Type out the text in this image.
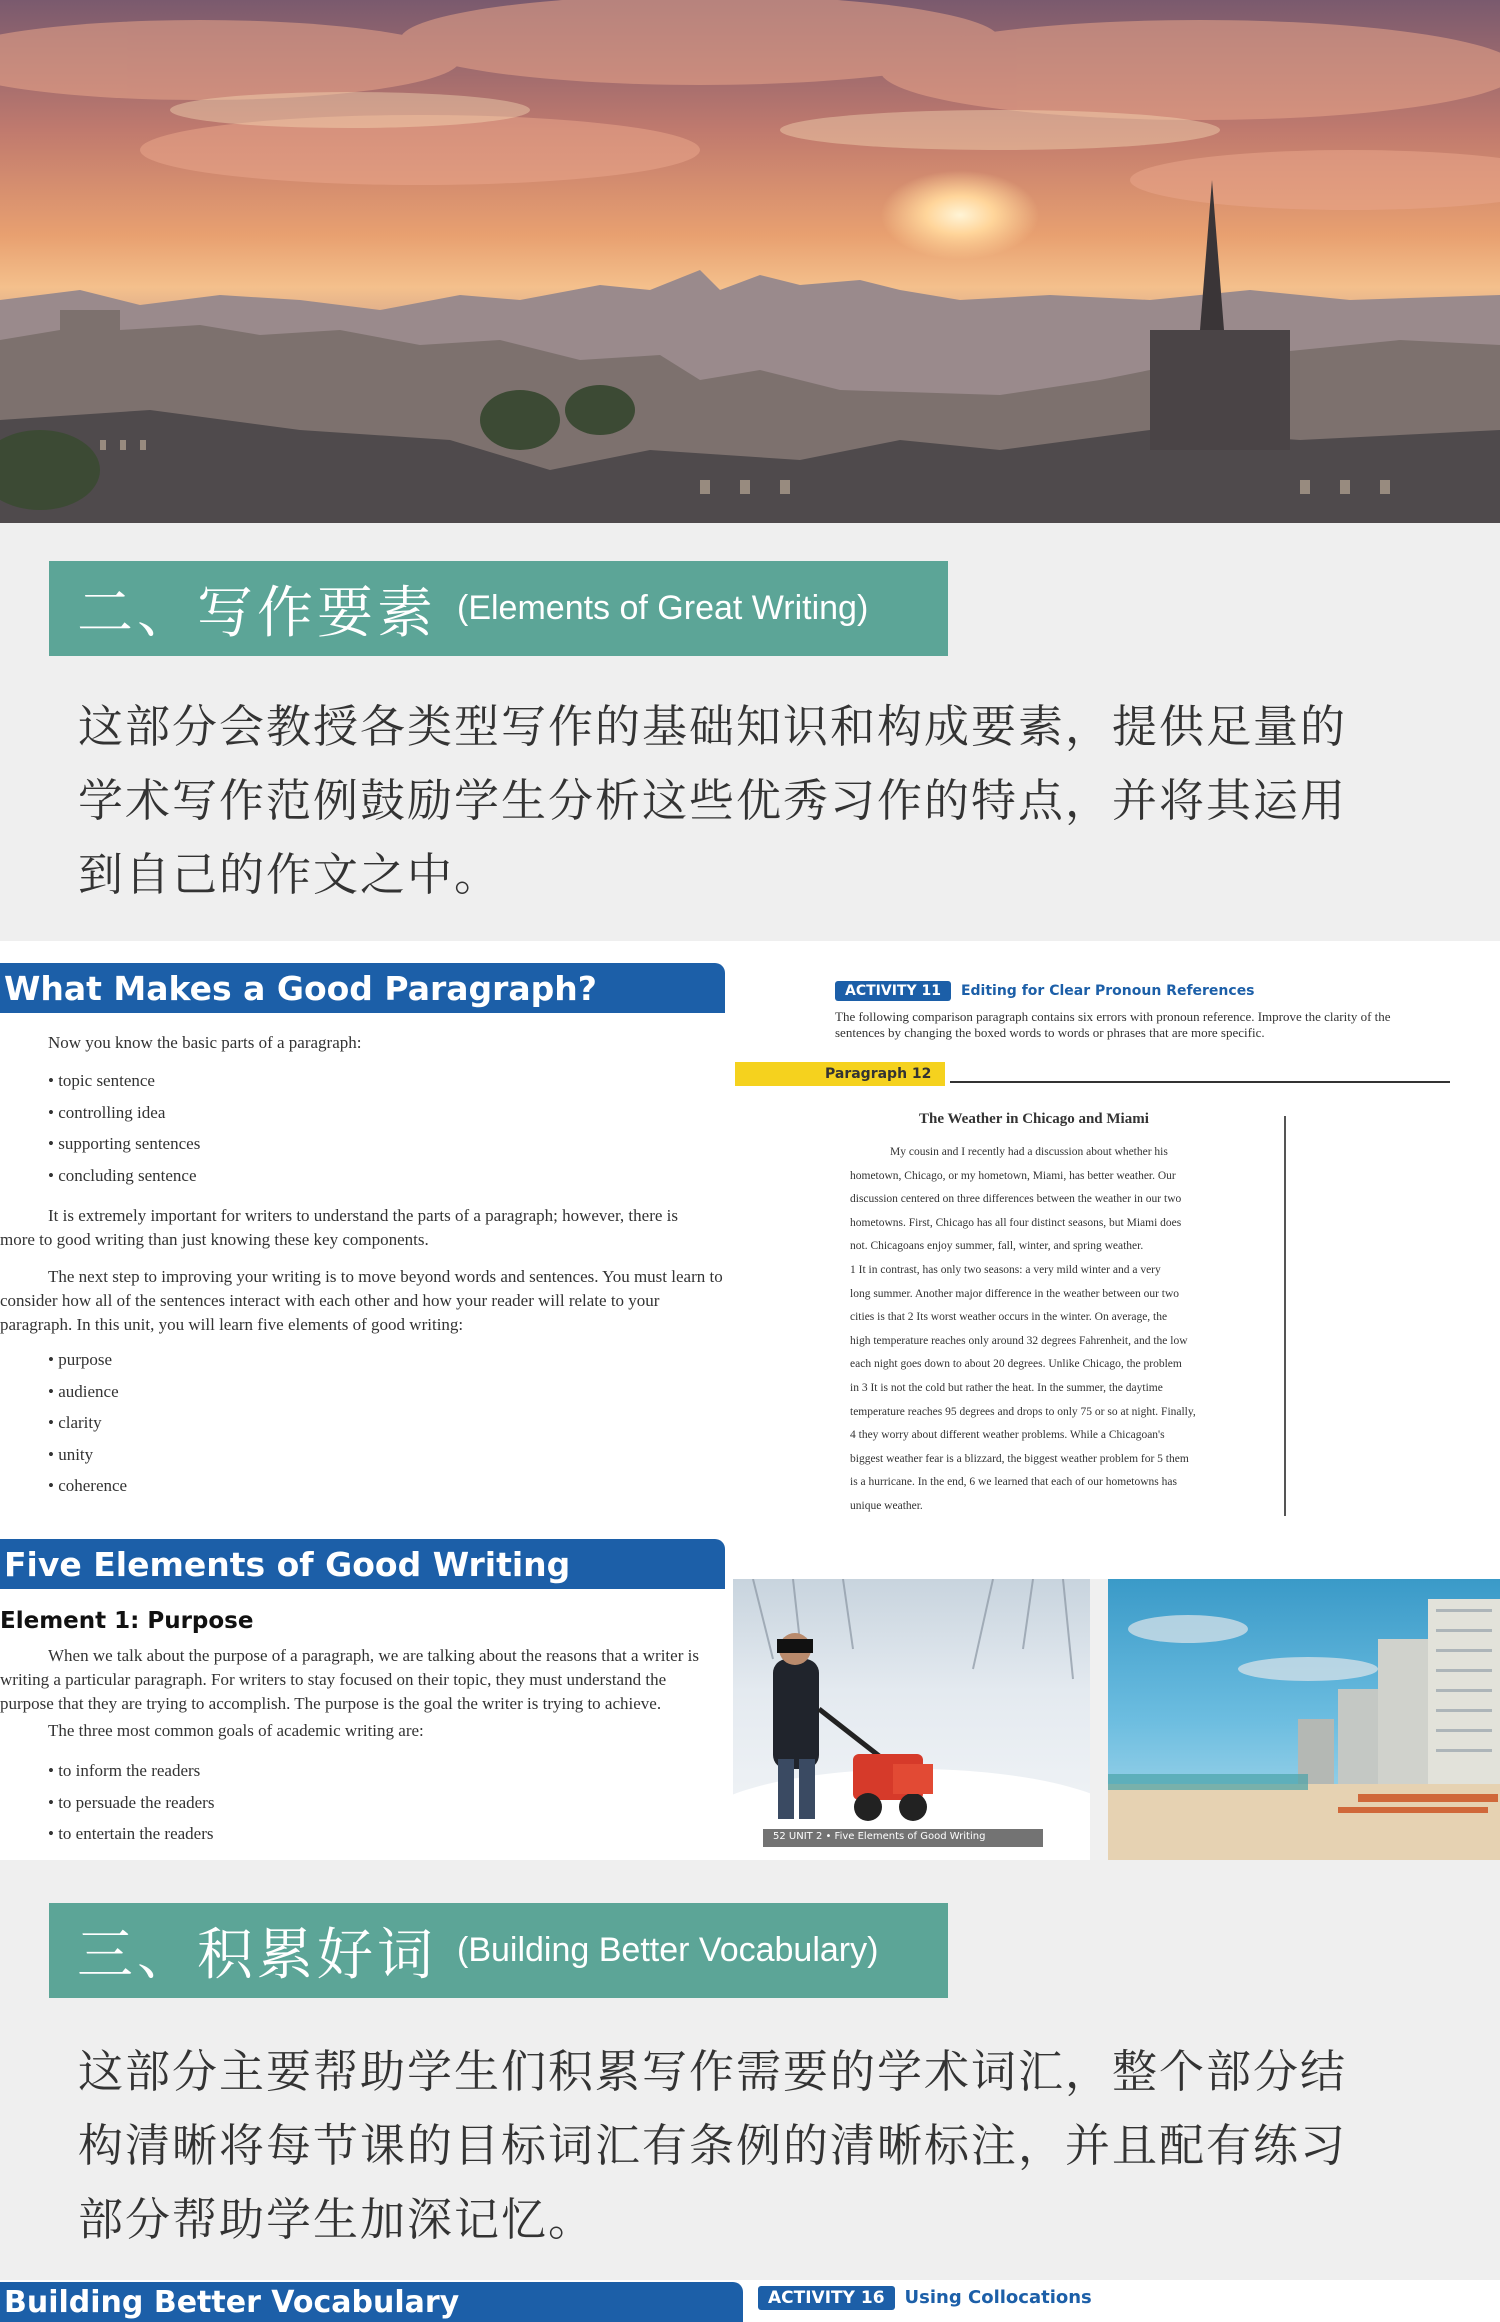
二、写作要素 (Elements of Great Writing)
这部分会教授各类型写作的基础知识和构成要素，提供足量的
学术写作范例鼓励学生分析这些优秀习作的特点，并将其运用
到自己的作文之中。
What Makes a Good Paragraph?
Now you know the basic parts of a paragraph:
• topic sentence
• controlling idea
• supporting sentences
• concluding sentence
It is extremely important for writers to understand the parts of a paragraph; however, there is more to good writing than just knowing these key components.
The next step to improving your writing is to move beyond words and sentences. You must learn to consider how all of the sentences interact with each other and how your reader will relate to your paragraph. In this unit, you will learn five elements of good writing:
• purpose
• audience
• clarity
• unity
• coherence
ACTIVITY 11 Editing for Clear Pronoun References
The following comparison paragraph contains six errors with pronoun reference. Improve the clarity of the sentences by changing the boxed words to words or phrases that are more specific.
Paragraph 12
The Weather in Chicago and Miami
My cousin and I recently had a discussion about whether his
hometown, Chicago, or my hometown, Miami, has better weather. Our
discussion centered on three differences between the weather in our two
hometowns. First, Chicago has all four distinct seasons, but Miami does
not. Chicagoans enjoy summer, fall, winter, and spring weather.
1 It in contrast, has only two seasons: a very mild winter and a very
long summer. Another major difference in the weather between our two
cities is that 2 Its worst weather occurs in the winter. On average, the
high temperature reaches only around 32 degrees Fahrenheit, and the low
each night goes down to about 20 degrees. Unlike Chicago, the problem
in 3 It is not the cold but rather the heat. In the summer, the daytime
temperature reaches 95 degrees and drops to only 75 or so at night. Finally,
4 they worry about different weather problems. While a Chicagoan's
biggest weather fear is a blizzard, the biggest weather problem for 5 them
is a hurricane. In the end, 6 we learned that each of our hometowns has
unique weather.
Five Elements of Good Writing
Element 1: Purpose
When we talk about the purpose of a paragraph, we are talking about the reasons that a writer is writing a particular paragraph. For writers to stay focused on their topic, they must understand the purpose that they are trying to accomplish. The purpose is the goal the writer is trying to achieve.
The three most common goals of academic writing are:
• to inform the readers
• to persuade the readers
• to entertain the readers	52 UNIT 2 • Five Elements of Good Writing
三、积累好词 (Building Better Vocabulary)
这部分主要帮助学生们积累写作需要的学术词汇，整个部分结
构清晰将每节课的目标词汇有条例的清晰标注，并且配有练习
部分帮助学生加深记忆。
Building Better Vocabulary	ACTIVITY 16 Using Collocations
